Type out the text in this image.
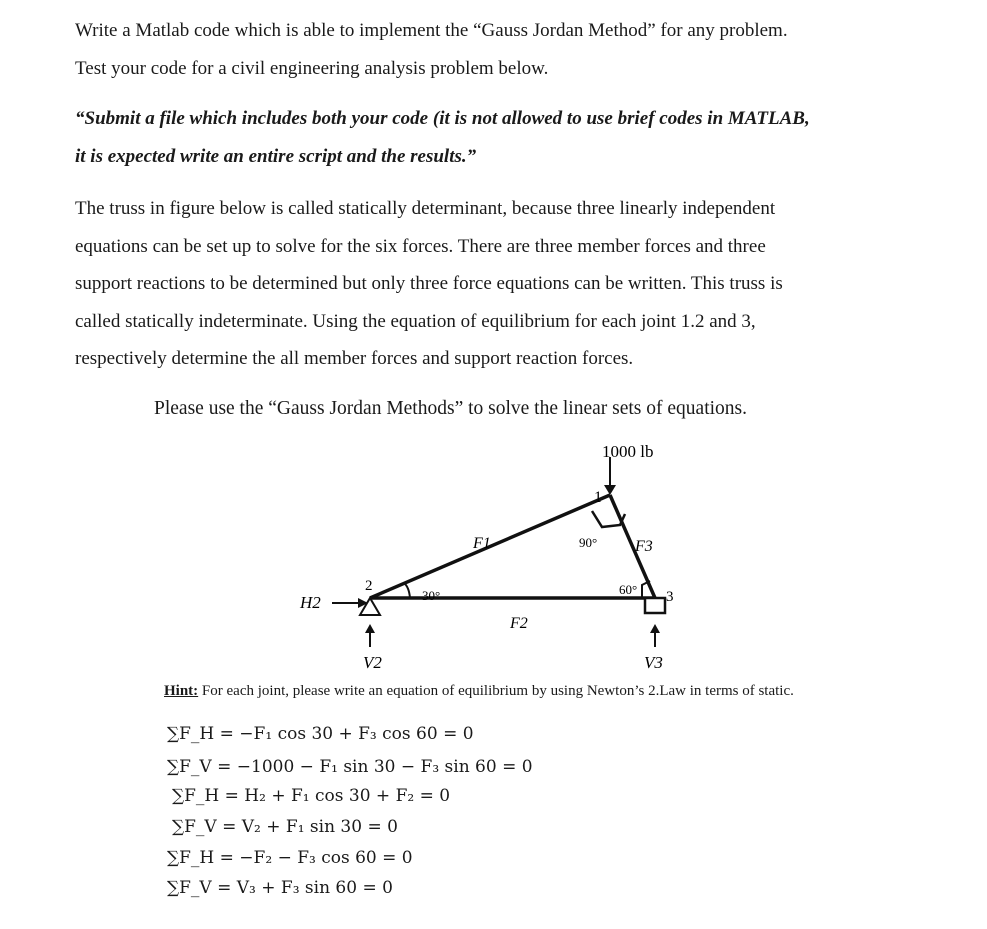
Write a Matlab code which is able to implement the “Gauss Jordan Method” for any problem.
Test your code for a civil engineering analysis problem below.
“Submit a file which includes both your code (it is not allowed to use brief codes in MATLAB,
it is expected write an entire script and the results.”
The truss in figure below is called statically determinant, because three linearly independent
equations can be set up to solve for the six forces. There are three member forces and three
support reactions to be determined but only three force equations can be written. This truss is
called statically indeterminate. Using the equation of equilibrium for each joint 1.2 and 3,
respectively determine the all member forces and support reaction forces.
Please use the “Gauss Jordan Methods” to solve the linear sets of equations.
1000 lb
1
90°
F1	F3
F2
2
30°
H2
V2
60° 3
V3
Hint: For each joint, please write an equation of equilibrium by using Newton’s 2.Law in terms of static.
∑F_H = −F₁ cos 30 + F₃ cos 60 = 0
∑F_V = −1000 − F₁ sin 30 − F₃ sin 60 = 0
∑F_H = H₂ + F₁ cos 30 + F₂ = 0
∑F_V = V₂ + F₁ sin 30 = 0
∑F_H = −F₂ − F₃ cos 60 = 0
∑F_V = V₃ + F₃ sin 60 = 0
